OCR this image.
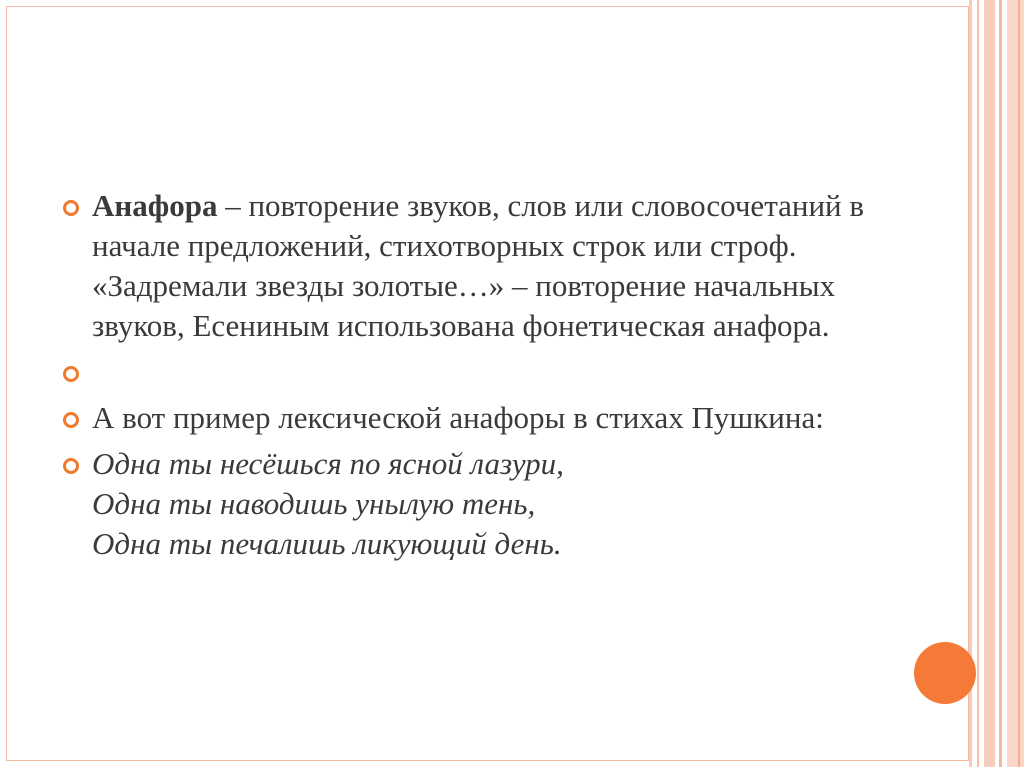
Анафора – повторение звуков, слов или словосочетаний в начале предложений, стихотворных строк или строф. «Задремали звезды золотые…» – повторение начальных звуков, Есениным использована фонетическая анафора.
А вот пример лексической анафоры в стихах Пушкина:
Одна ты несёшься по ясной лазури,
Одна ты наводишь унылую тень,
Одна ты печалишь ликующий день.
